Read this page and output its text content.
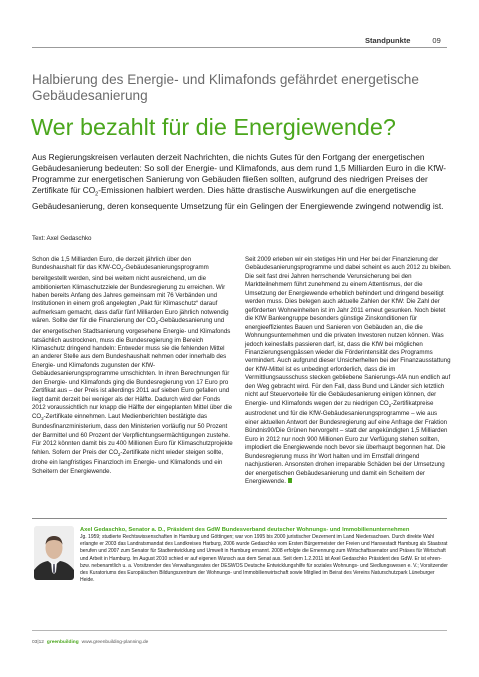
Standpunkte	09
Halbierung des Energie- und Klimafonds gefährdet energetische Gebäudesanierung
Wer bezahlt für die Energiewende?

Aus Regierungskreisen verlauten derzeit Nachrichten, die nichts Gutes für den Fortgang der energetischen Gebäudesanierung bedeuten: So soll der Energie- und Klimafonds, aus dem rund 1,5 Milliarden Euro in die KfW-Programme zur energetischen Sanierung von Gebäuden fließen sollten, aufgrund des niedrigen Preises der Zertifikate für $CO_2$-Emissionen halbiert werden. Dies hätte drastische Auswirkungen auf die energetische Gebäudesanierung, deren konsequente Umsetzung für ein Gelingen der Energiewende zwingend notwendig ist.

Text: Axel Gedaschko

Schon die 1,5 Milliarden Euro, die derzeit jährlich über den Bundeshaushalt für das KfW-$CO_2$-Gebäudesanierungsprogramm bereitgestellt werden, sind bei weitem nicht ausreichend, um die ambitionierten Klimaschutzziele der Bundesregierung zu erreichen. Wir haben bereits Anfang des Jahres gemeinsam mit 76 Verbänden und Institutionen in einem groß angelegten „Pakt für Klimaschutz“ darauf aufmerksam gemacht, dass dafür fünf Milliarden Euro jährlich notwendig wären. Sollte der für die Finanzierung der $CO_2$-Gebäudesanierung und der energetischen Stadtsanierung vorgesehene Energie- und Klimafonds tatsächlich austrocknen, muss die Bundesregierung im Bereich Klimaschutz dringend handeln: Entweder muss sie die fehlenden Mittel an anderer Stelle aus dem Bundeshaushalt nehmen oder innerhalb des Energie- und Klimafonds zugunsten der KfW-Gebäudesanierungsprogramme umschichten. In ihren Berechnungen für den Energie- und Klimafonds ging die Bundesregierung von 17 Euro pro Zertifikat aus – der Preis ist allerdings 2011 auf sieben Euro gefallen und liegt damit derzeit bei weniger als der Hälfte. Dadurch wird der Fonds 2012 voraussichtlich nur knapp die Hälfte der eingeplanten Mittel über die $CO_2$-Zertifikate einnehmen. Laut Medienberichten bestätigte das Bundesfinanzministerium, dass den Ministerien vorläufig nur 50 Prozent der Barmittel und 60 Prozent der Verpflichtungsermächtigungen zustehe. Für 2012 könnten damit bis zu 400 Millionen Euro für Klimaschutzprojekte fehlen. Sofern der Preis der $CO_2$-Zertifikate nicht wieder steigen sollte, drohe ein langfristiges Finanzloch im Energie- und Klimafonds und ein Scheitern der Energiewende.

Seit 2009 erleben wir ein stetiges Hin und Her bei der Finanzierung der Gebäudesanierungsprogramme und dabei scheint es auch 2012 zu bleiben. Die seit fast drei Jahren herrschende Verunsicherung bei den Marktteilnehmern führt zunehmend zu einem Attentismus, der die Umsetzung der Energiewende erheblich behindert und dringend beseitigt werden muss. Dies belegen auch aktuelle Zahlen der KfW: Die Zahl der geförderten Wohneinheiten ist im Jahr 2011 erneut gesunken. Noch bietet die KfW Bankengruppe besonders günstige Zinskonditionen für energieeffizientes Bauen und Sanieren von Gebäuden an, die die Wohnungsunternehmen und die privaten Investoren nutzen können. Was jedoch keinesfalls passieren darf, ist, dass die KfW bei möglichen Finanzierungsengpässen wieder die Förderintensität des Programms vermindert. Auch aufgrund dieser Unsicherheiten bei der Finanzausstattung der KfW-Mittel ist es unbedingt erforderlich, dass die im Vermittlungsausschuss stecken gebliebene Sanierungs-AfA nun endlich auf den Weg gebracht wird. Für den Fall, dass Bund und Länder sich letztlich nicht auf Steuervorteile für die Gebäudesanierung einigen können, der Energie- und Klimafonds wegen der zu niedrigen $CO_2$-Zertifikatpreise austrocknet und für die KfW-Gebäudesanierungsprogramme – wie aus einer aktuellen Antwort der Bundesregierung auf eine Anfrage der Fraktion Bündnis90/Die Grünen hervorgeht – statt der angekündigten 1,5 Milliarden Euro in 2012 nur noch 900 Millionen Euro zur Verfügung stehen sollten, implodiert die Energiewende noch bevor sie überhaupt begonnen hat. Die Bundesregierung muss ihr Wort halten und im Ernstfall dringend nachjustieren. Ansonsten drohen irreparable Schäden bei der Umsetzung der energetischen Gebäudesanierung und damit ein Scheitern der Energiewende.

Axel Gedaschko, Senator a. D., Präsident des GdW Bundesverband deutscher Wohnungs- und Immobilienunternehmen
Jg. 1959; studierte Rechtswissenschaften in Hamburg und Göttingen; war von 1995 bis 2000 juristischer Dezernent im Land Niedersachsen. Durch direkte Wahl erlangte er 2003 das Landratsmandat des Landkreises Harburg, 2006 wurde Gedaschko vom Ersten Bürgermeister der Freien und Hansestadt Hamburg als Staatsrat berufen und 2007 zum Senator für Stadtentwicklung und Umwelt in Hamburg ernannt. 2008 erfolgte die Ernennung zum Wirtschaftssenator und Präses für Wirtschaft und Arbeit in Hamburg. Im August 2010 schied er auf eigenen Wunsch aus dem Senat aus. Seit dem 1.2.2011 ist Axel Gedaschko Präsident des GdW. Er ist ehren- bzw. nebenamtlich u. a. Vorsitzender des Verwaltungsrates der DESWOS Deutsche Entwicklungshilfe für soziales Wohnungs- und Siedlungswesen e. V.; Vorsitzender des Kuratoriums des Europäischen Bildungszentrum der Wohnungs- und Immobilienwirtschaft sowie Mitglied im Beirat des Vereins Naturschutzpark Lüneburger Heide.
03|12 greenbuilding www.greenbuilding-planning.de
